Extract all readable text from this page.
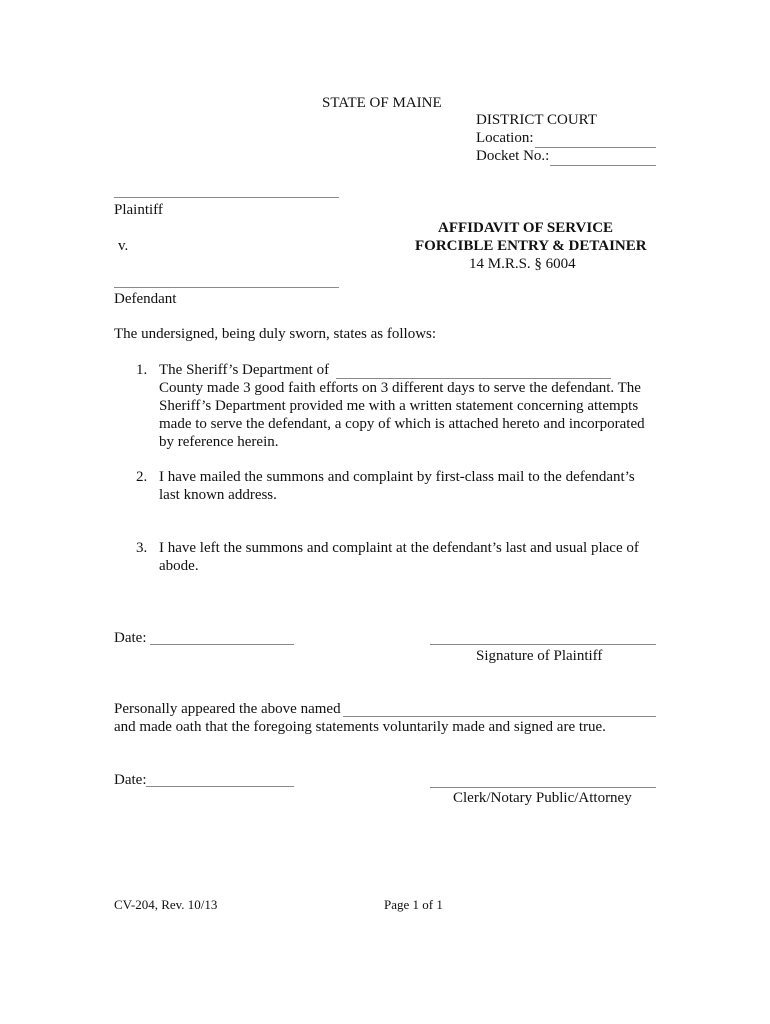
STATE OF MAINE
DISTRICT COURT
Location:
Docket No.:
Plaintiff
AFFIDAVIT OF SERVICE
FORCIBLE ENTRY & DETAINER
14 M.R.S. § 6004
v.
Defendant
The undersigned, being duly sworn, states as follows:
1. The Sheriff’s Department of
County made 3 good faith efforts on 3 different days to serve the defendant. The
Sheriff’s Department provided me with a written statement concerning attempts
made to serve the defendant, a copy of which is attached hereto and incorporated
by reference herein.
2. I have mailed the summons and complaint by first-class mail to the defendant’s
last known address.
3. I have left the summons and complaint at the defendant’s last and usual place of
abode.
Date:
Signature of Plaintiff
Personally appeared the above named
and made oath that the foregoing statements voluntarily made and signed are true.
Date:
Clerk/Notary Public/Attorney
CV-204, Rev. 10/13	Page 1 of 1
